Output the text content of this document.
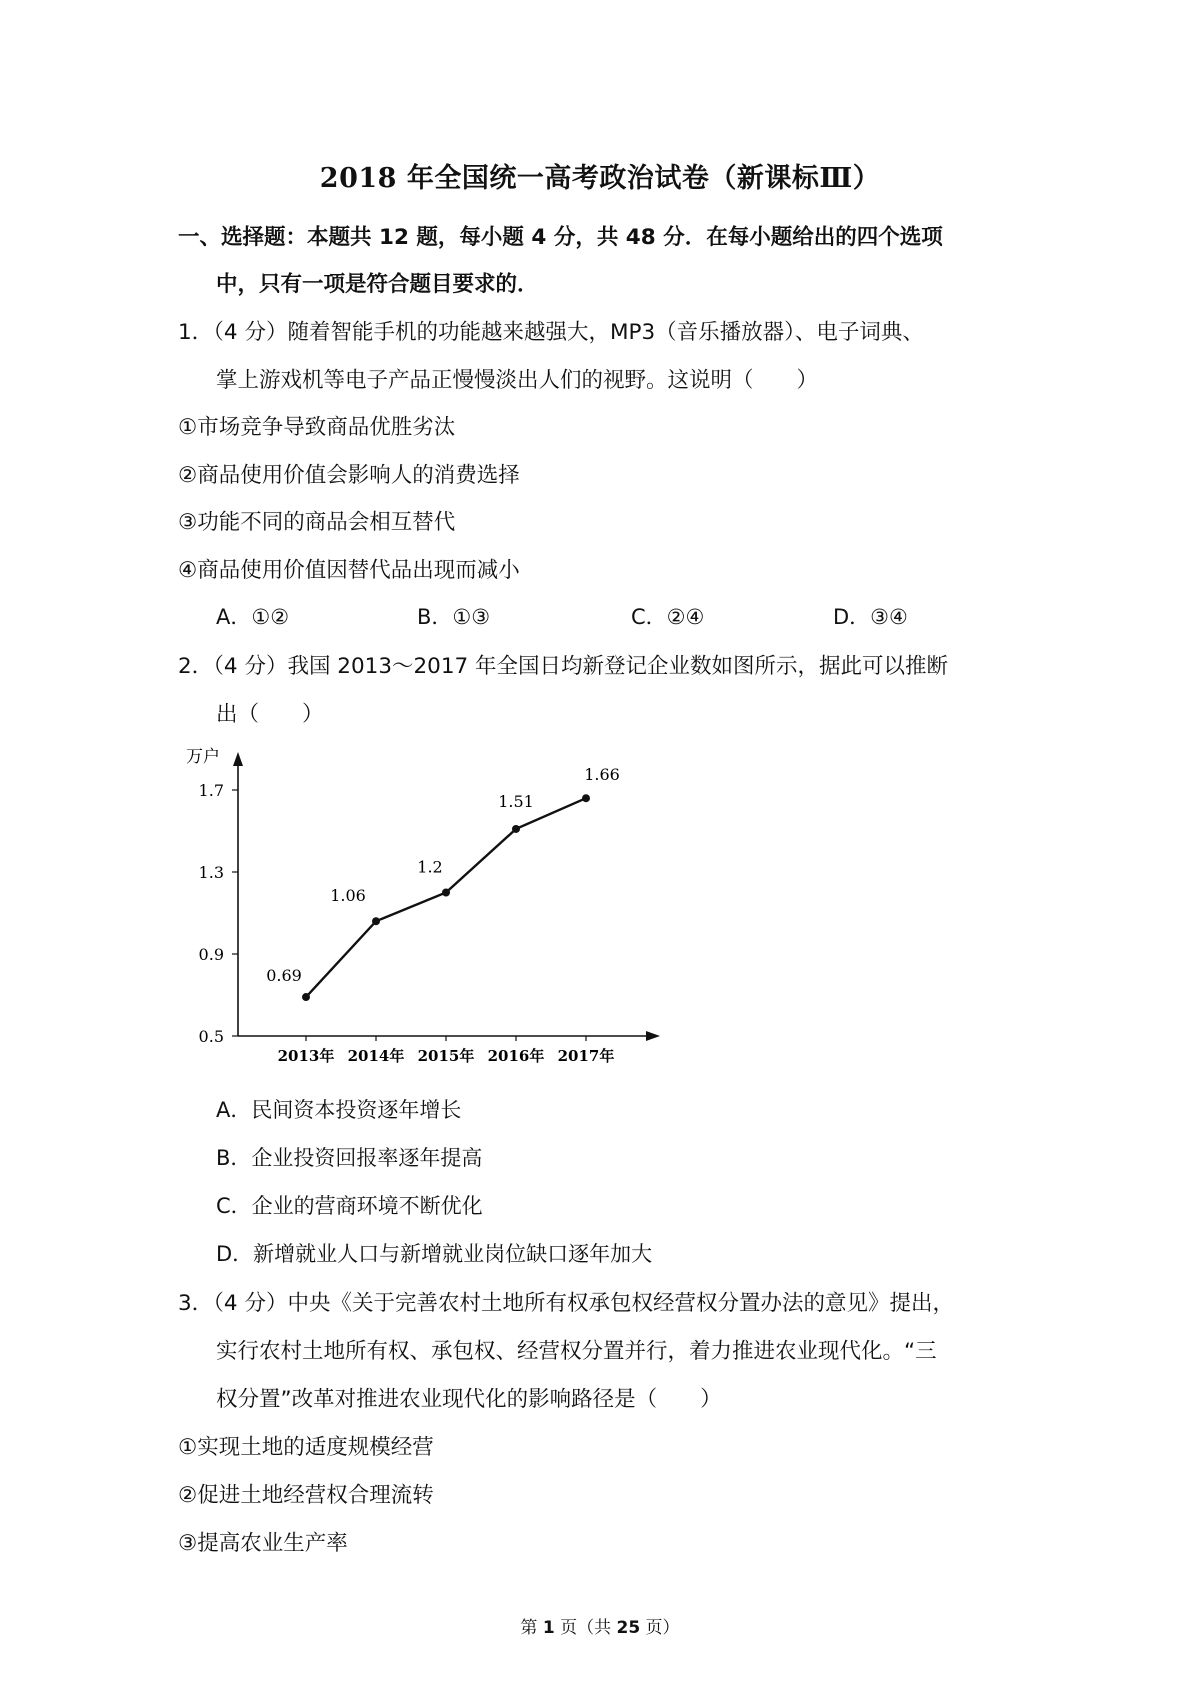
2018 年全国统一高考政治试卷（新课标Ⅲ）
一、选择题：本题共 12 题，每小题 4 分，共 48 分．在每小题给出的四个选项
中，只有一项是符合题目要求的．
1．（4 分）随着智能手机的功能越来越强大，MP3（音乐播放器）、电子词典、
掌上游戏机等电子产品正慢慢淡出人们的视野。这说明（　　）
①市场竞争导致商品优胜劣汰
②商品使用价值会影响人的消费选择
③功能不同的商品会相互替代
④商品使用价值因替代品出现而减小
A．①②	B．①③	C．②④	D．③④
2．（4 分）我国 2013～2017 年全国日均新登记企业数如图所示，据此可以推断
出（　　）
0.5
0.9
1.3
1.7
0.69
1.06
1.2
1.51
1.66
2013年 2014年 2015年 2016年 2017年
万户
A．民间资本投资逐年增长
B．企业投资回报率逐年提高
C．企业的营商环境不断优化
D．新增就业人口与新增就业岗位缺口逐年加大
3．（4 分）中央《关于完善农村土地所有权承包权经营权分置办法的意见》提出，
实行农村土地所有权、承包权、经营权分置并行，着力推进农业现代化。“三
权分置”改革对推进农业现代化的影响路径是（　　）
①实现土地的适度规模经营
②促进土地经营权合理流转
③提高农业生产率
第 1 页（共 25 页）
